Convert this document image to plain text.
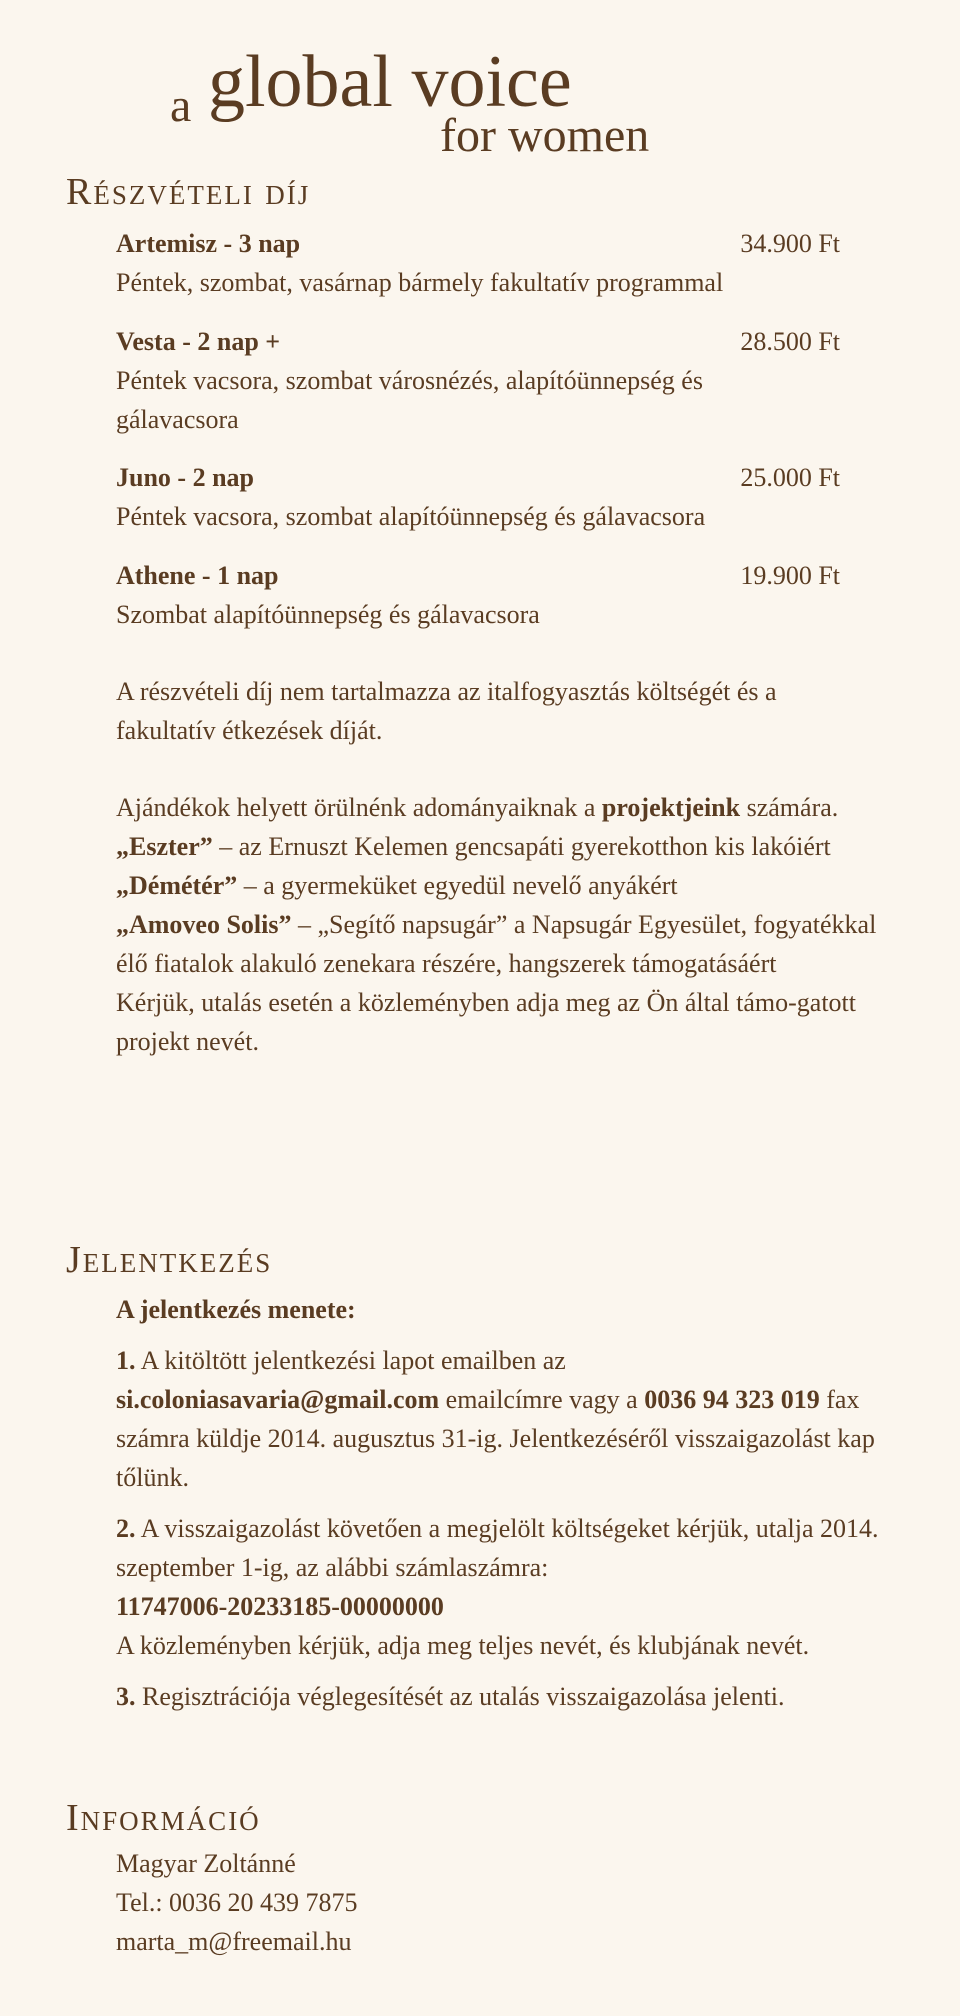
a global voice
for women
Részvételi díj
Artemisz - 3 nap	34.900 Ft

Péntek, szombat, vasárnap bármely fakultatív programmal

Vesta - 2 nap +	28.500 Ft

Péntek vacsora, szombat városnézés, alapítóünnepség és gálavacsora

Juno - 2 nap	25.000 Ft

Péntek vacsora, szombat alapítóünnepség és gálavacsora

Athene - 1 nap	19.900 Ft

Szombat alapítóünnepség és gálavacsora

A részvételi díj nem tartalmazza az italfogyasztás költségét és a fakultatív étkezések díját.

Ajándékok helyett örülnénk adományaiknak a projektjeink számára.

„Eszter” – az Ernuszt Kelemen gencsapáti gyerekotthon kis lakóiért

„Démétér” – a gyermeküket egyedül nevelő anyákért

„Amoveo Solis” – „Segítő napsugár” a Napsugár Egyesület, fogyatékkal élő fiatalok alakuló zenekara részére, hangszerek támogatásáért

Kérjük, utalás esetén a közleményben adja meg az Ön által támo-gatott projekt nevét.

Jelentkezés

A jelentkezés menete:

1. A kitöltött jelentkezési lapot emailben az si.coloniasavaria@gmail.com emailcímre vagy a 0036 94 323 019 fax számra küldje 2014. augusztus 31-ig. Jelentkezéséről visszaigazolást kap tőlünk.

2. A visszaigazolást követően a megjelölt költségeket kérjük, utalja 2014. szeptember 1-ig, az alábbi számlaszámra:

11747006-20233185-00000000

A közleményben kérjük, adja meg teljes nevét, és klubjának nevét.

3. Regisztrációja véglegesítését az utalás visszaigazolása jelenti.

Információ

Magyar Zoltánné

Tel.: 0036 20 439 7875

marta_m@freemail.hu
